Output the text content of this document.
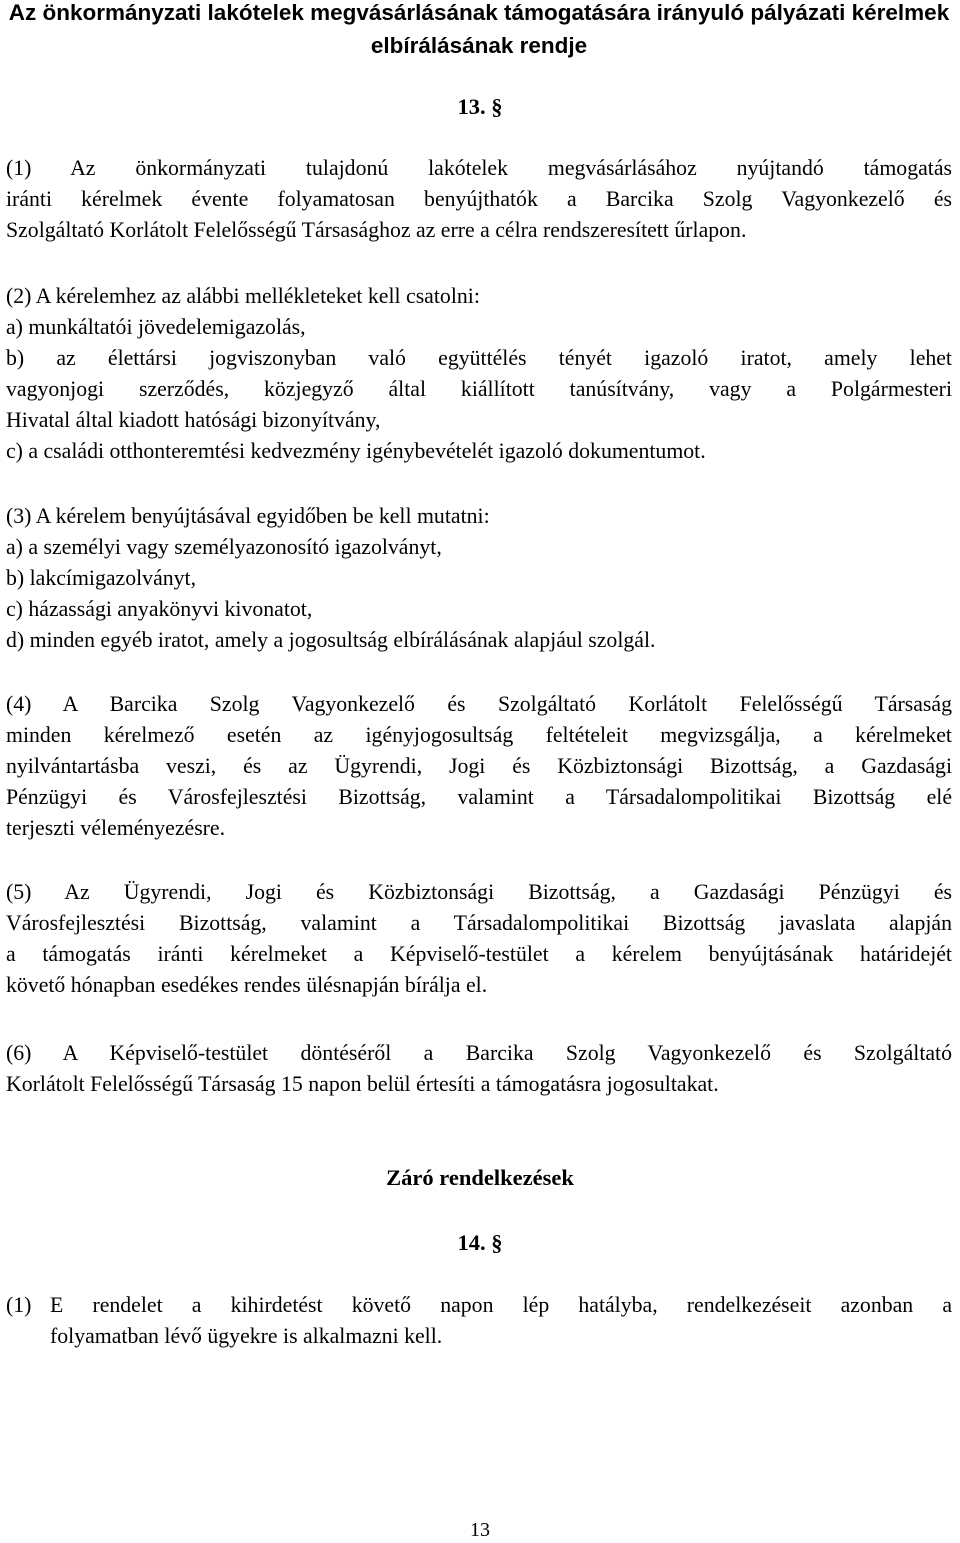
Az önkormányzati lakótelek megvásárlásának támogatására irányuló pályázati kérelmek elbírálásának rendje
13. §

(1) Az önkormányzati tulajdonú lakótelek megvásárlásához nyújtandó támogatás

iránti kérelmek évente folyamatosan benyújthatók a Barcika Szolg Vagyonkezelő és

Szolgáltató Korlátolt Felelősségű Társasághoz az erre a célra rendszeresített űrlapon.

(2) A kérelemhez az alábbi mellékleteket kell csatolni:

a) munkáltatói jövedelemigazolás,

b) az élettársi jogviszonyban való együttélés tényét igazoló iratot, amely lehet

vagyonjogi szerződés, közjegyző által kiállított tanúsítvány, vagy a Polgármesteri

Hivatal által kiadott hatósági bizonyítvány,

c) a családi otthonteremtési kedvezmény igénybevételét igazoló dokumentumot.

(3) A kérelem benyújtásával egyidőben be kell mutatni:

a) a személyi vagy személyazonosító igazolványt,

b) lakcímigazolványt,

c) házassági anyakönyvi kivonatot,

d) minden egyéb iratot, amely a jogosultság elbírálásának alapjául szolgál.

(4) A Barcika Szolg Vagyonkezelő és Szolgáltató Korlátolt Felelősségű Társaság

minden kérelmező esetén az igényjogosultság feltételeit megvizsgálja, a kérelmeket

nyilvántartásba veszi, és az Ügyrendi, Jogi és Közbiztonsági Bizottság, a Gazdasági

Pénzügyi és Városfejlesztési Bizottság, valamint a Társadalompolitikai Bizottság elé

terjeszti véleményezésre.

(5) Az Ügyrendi, Jogi és Közbiztonsági Bizottság, a Gazdasági Pénzügyi és

Városfejlesztési Bizottság, valamint a Társadalompolitikai Bizottság javaslata alapján

a támogatás iránti kérelmeket a Képviselő-testület a kérelem benyújtásának határidejét

követő hónapban esedékes rendes ülésnapján bírálja el.

(6) A Képviselő-testület döntéséről a Barcika Szolg Vagyonkezelő és Szolgáltató

Korlátolt Felelősségű Társaság 15 napon belül értesíti a támogatásra jogosultakat.

Záró rendelkezések
14. §
(1) E rendelet a kihirdetést követő napon lép hatályba, rendelkezéseit azonban a

folyamatban lévő ügyekre is alkalmazni kell.

13
